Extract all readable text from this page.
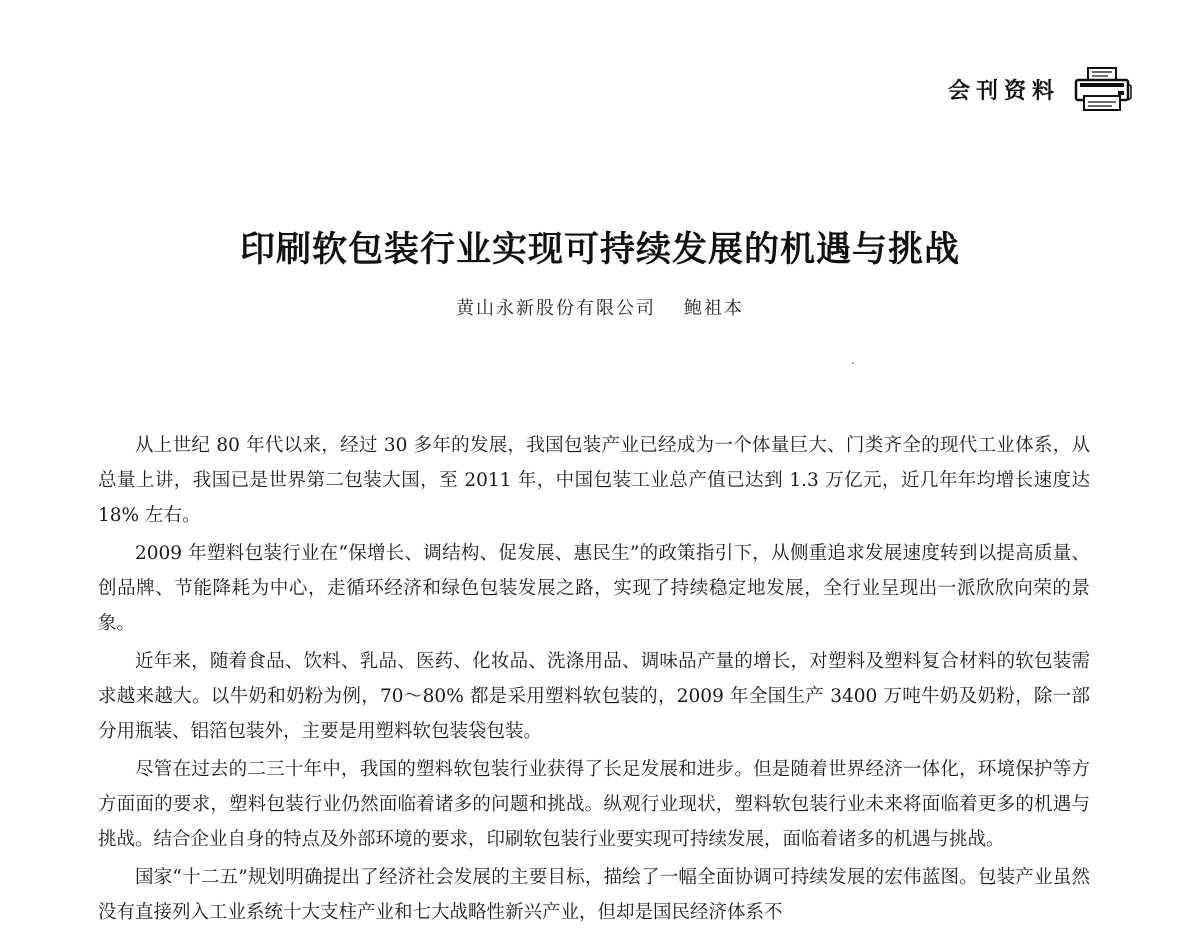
会刊资料
印刷软包装行业实现可持续发展的机遇与挑战
黄山永新股份有限公司 鲍祖本

从上世纪 80 年代以来，经过 30 多年的发展，我国包装产业已经成为一个体量巨大、门类齐全的现代工业体系，从总量上讲，我国已是世界第二包装大国，至 2011 年，中国包装工业总产值已达到 1.3 万亿元，近几年年均增长速度达 18% 左右。

2009 年塑料包装行业在“保增长、调结构、促发展、惠民生”的政策指引下，从侧重追求发展速度转到以提高质量、创品牌、节能降耗为中心，走循环经济和绿色包装发展之路，实现了持续稳定地发展，全行业呈现出一派欣欣向荣的景象。

近年来，随着食品、饮料、乳品、医药、化妆品、洗涤用品、调味品产量的增长，对塑料及塑料复合材料的软包装需求越来越大。以牛奶和奶粉为例，70～80% 都是采用塑料软包装的，2009 年全国生产 3400 万吨牛奶及奶粉，除一部分用瓶装、铝箔包装外，主要是用塑料软包装袋包装。

尽管在过去的二三十年中，我国的塑料软包装行业获得了长足发展和进步。但是随着世界经济一体化，环境保护等方方面面的要求，塑料包装行业仍然面临着诸多的问题和挑战。纵观行业现状，塑料软包装行业未来将面临着更多的机遇与挑战。结合企业自身的特点及外部环境的要求，印刷软包装行业要实现可持续发展，面临着诸多的机遇与挑战。

国家“十二五”规划明确提出了经济社会发展的主要目标，描绘了一幅全面协调可持续发展的宏伟蓝图。包装产业虽然没有直接列入工业系统十大支柱产业和七大战略性新兴产业，但却是国民经济体系不
